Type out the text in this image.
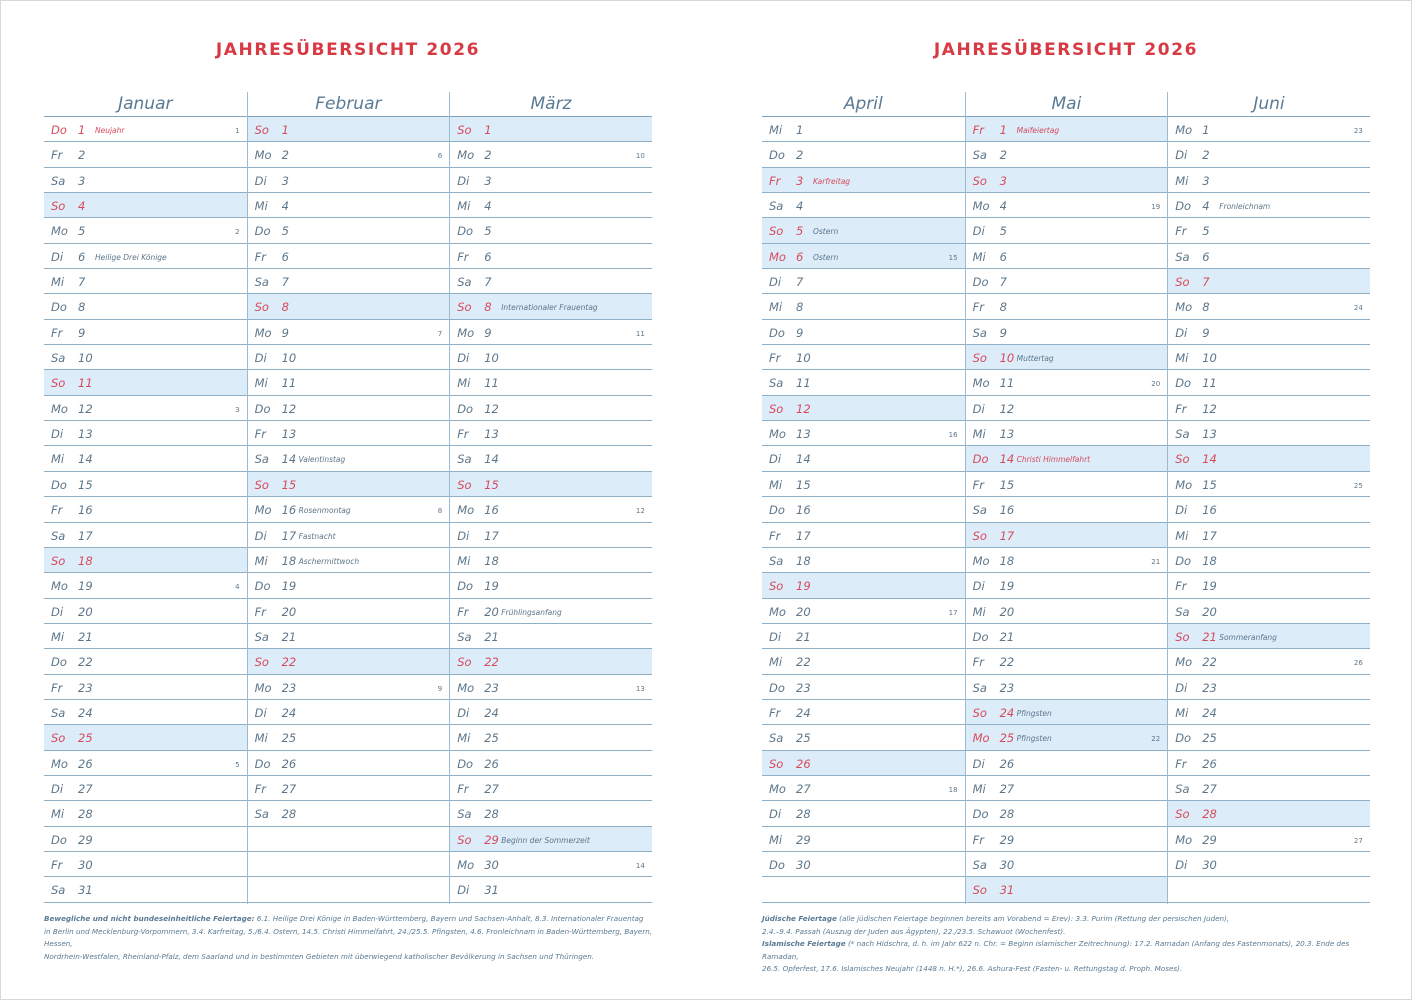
JAHRESÜBERSICHT 2026
Januar
Do 1 Neujahr	1
Fr 2
Sa 3
So 4
Mo 5	2
Di 6 Heilige Drei Könige
Mi 7
Do 8
Fr 9
Sa 10
So 11
Mo 12	3
Di 13
Mi 14
Do 15
Fr 16
Sa 17
So 18
Mo 19	4
Di 20
Mi 21
Do 22
Fr 23
Sa 24
So 25
Mo 26	5
Di 27
Mi 28
Do 29
Fr 30
Sa 31
Februar
So 1
Mo 2	6
Di 3
Mi 4
Do 5
Fr 6
Sa 7
So 8
Mo 9	7
Di 10
Mi 11
Do 12
Fr 13
Sa 14 Valentinstag
So 15
Mo 16 Rosenmontag	8
Di 17 Fastnacht
Mi 18 Aschermittwoch
Do 19
Fr 20
Sa 21
So 22
Mo 23	9
Di 24
Mi 25
Do 26
Fr 27
Sa 28
März
So 1
Mo 2	10
Di 3
Mi 4
Do 5
Fr 6
Sa 7
So 8 Internationaler Frauentag
Mo 9	11
Di 10
Mi 11
Do 12
Fr 13
Sa 14
So 15
Mo 16	12
Di 17
Mi 18
Do 19
Fr 20 Frühlingsanfang
Sa 21
So 22
Mo 23	13
Di 24
Mi 25
Do 26
Fr 27
Sa 28
So 29 Beginn der Sommerzeit
Mo 30	14
Di 31
Bewegliche und nicht bundeseinheitliche Feiertage: 6.1. Heilige Drei Könige in Baden-Württemberg, Bayern und Sachsen-Anhalt, 8.3. Internationaler Frauentag
in Berlin und Mecklenburg-Vorpommern, 3.4. Karfreitag, 5./6.4. Ostern, 14.5. Christi Himmelfahrt, 24./25.5. Pfingsten, 4.6. Fronleichnam in Baden-Württemberg, Bayern, Hessen,
Nordrhein-Westfalen, Rheinland-Pfalz, dem Saarland und in bestimmten Gebieten mit überwiegend katholischer Bevölkerung in Sachsen und Thüringen.
JAHRESÜBERSICHT 2026
April
Mi 1
Do 2
Fr 3 Karfreitag
Sa 4
So 5 Ostern
Mo 6 Ostern	15
Di 7
Mi 8
Do 9
Fr 10
Sa 11
So 12
Mo 13	16
Di 14
Mi 15
Do 16
Fr 17
Sa 18
So 19
Mo 20	17
Di 21
Mi 22
Do 23
Fr 24
Sa 25
So 26
Mo 27	18
Di 28
Mi 29
Do 30
Mai
Fr 1 Maifeiertag
Sa 2
So 3
Mo 4	19
Di 5
Mi 6
Do 7
Fr 8
Sa 9
So 10 Muttertag
Mo 11	20
Di 12
Mi 13
Do 14 Christi Himmelfahrt
Fr 15
Sa 16
So 17
Mo 18	21
Di 19
Mi 20
Do 21
Fr 22
Sa 23
So 24 Pfingsten
Mo 25 Pfingsten	22
Di 26
Mi 27
Do 28
Fr 29
Sa 30
So 31
Juni
Mo 1	23
Di 2
Mi 3
Do 4 Fronleichnam
Fr 5
Sa 6
So 7
Mo 8	24
Di 9
Mi 10
Do 11
Fr 12
Sa 13
So 14
Mo 15	25
Di 16
Mi 17
Do 18
Fr 19
Sa 20
So 21 Sommeranfang
Mo 22	26
Di 23
Mi 24
Do 25
Fr 26
Sa 27
So 28
Mo 29	27
Di 30
Jüdische Feiertage (alle jüdischen Feiertage beginnen bereits am Vorabend = Erev): 3.3. Purim (Rettung der persischen Juden),
2.4.–9.4. Passah (Auszug der Juden aus Ägypten), 22./23.5. Schawuot (Wochenfest).
Islamische Feiertage (* nach Hidschra, d. h. im Jahr 622 n. Chr. = Beginn islamischer Zeitrechnung): 17.2. Ramadan (Anfang des Fastenmonats), 20.3. Ende des Ramadan,
26.5. Opferfest, 17.6. Islamisches Neujahr (1448 n. H.*), 26.6. Ashura-Fest (Fasten- u. Rettungstag d. Proph. Moses).
